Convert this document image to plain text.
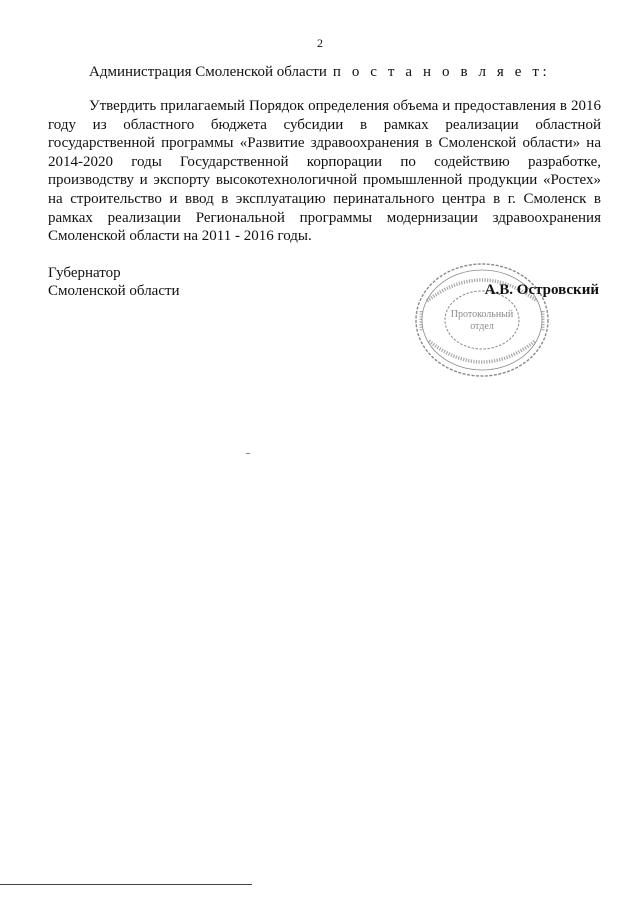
2
Администрация Смоленской области п о с т а н о в л я е т:

Утвердить прилагаемый Порядок определения объема и предоставления в 2016 году из областного бюджета субсидии в рамках реализации областной государственной программы «Развитие здравоохранения в Смоленской области» на 2014-2020 годы Государственной корпорации по содействию разработке, производству и экспорту высокотехнологичной промышленной продукции «Ростех» на строительство и ввод в эксплуатацию перинатального центра в г. Смоленск в рамках реализации Региональной программы модернизации здравоохранения Смоленской области на 2011 - 2016 годы.

Губернатор
Смоленской области
Протокольный
отдел
А.В. Островский
